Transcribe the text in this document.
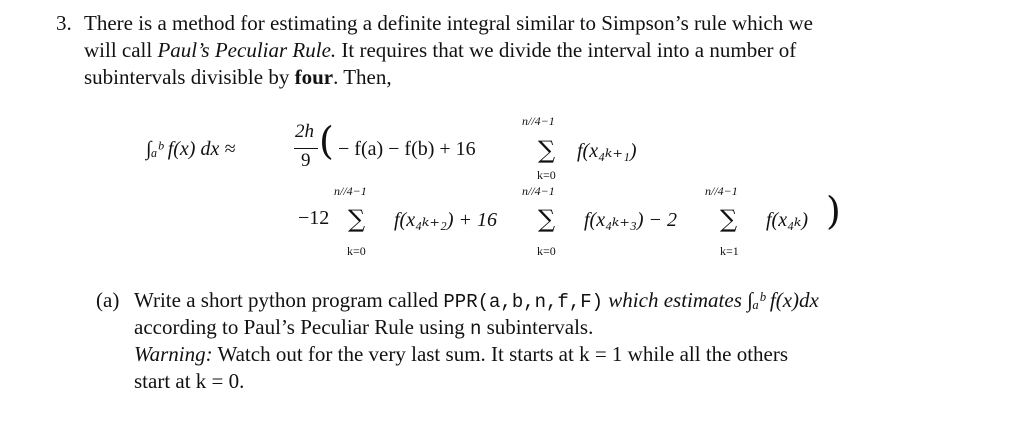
3. There is a method for estimating a definite integral similar to Simpson’s rule which we
will call Paul’s Peculiar Rule. It requires that we divide the interval into a number of
subintervals divisible by four. Then,
∫ₐᵇ f(x) dx ≈
2h
9 ( − f(a) − f(b) + 16
n//4−1
∑
k=0
f(x₄ₖ₊₁)
−12
n//4−1
∑
k=0
f(x₄ₖ₊₂) + 16
n//4−1
∑
k=0
f(x₄ₖ₊₃) − 2
n//4−1
∑
k=1
f(x₄ₖ) )
(a) Write a short python program called PPR(a,b,n,f,F) which estimates ∫ₐᵇ f(x)dx
according to Paul’s Peculiar Rule using n subintervals.
Warning: Watch out for the very last sum. It starts at k = 1 while all the others
start at k = 0.
